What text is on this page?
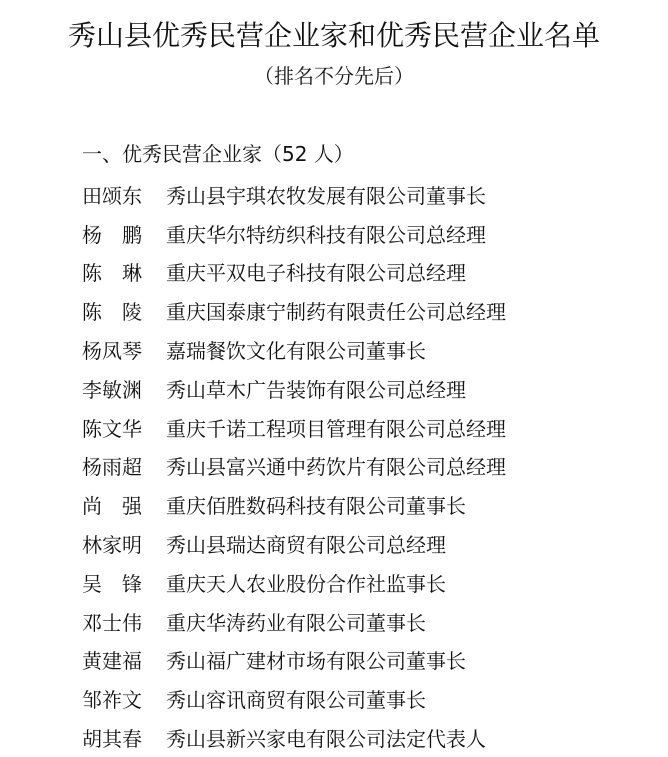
秀山县优秀民营企业家和优秀民营企业名单

（排名不分先后）

一、优秀民营企业家（52 人）

田颂东	秀山县宇琪农牧发展有限公司董事长
杨　鹏	重庆华尔特纺织科技有限公司总经理
陈　琳	重庆平双电子科技有限公司总经理
陈　陵	重庆国泰康宁制药有限责任公司总经理
杨凤琴	嘉瑞餐饮文化有限公司董事长
李敏渊	秀山草木广告装饰有限公司总经理
陈文华	重庆千诺工程项目管理有限公司总经理
杨雨超	秀山县富兴通中药饮片有限公司总经理
尚　强	重庆佰胜数码科技有限公司董事长
林家明	秀山县瑞达商贸有限公司总经理
吴　锋	重庆天人农业股份合作社监事长
邓士伟	重庆华涛药业有限公司董事长
黄建福	秀山福广建材市场有限公司董事长
邹祚文	秀山容讯商贸有限公司董事长
胡其春	秀山县新兴家电有限公司法定代表人
